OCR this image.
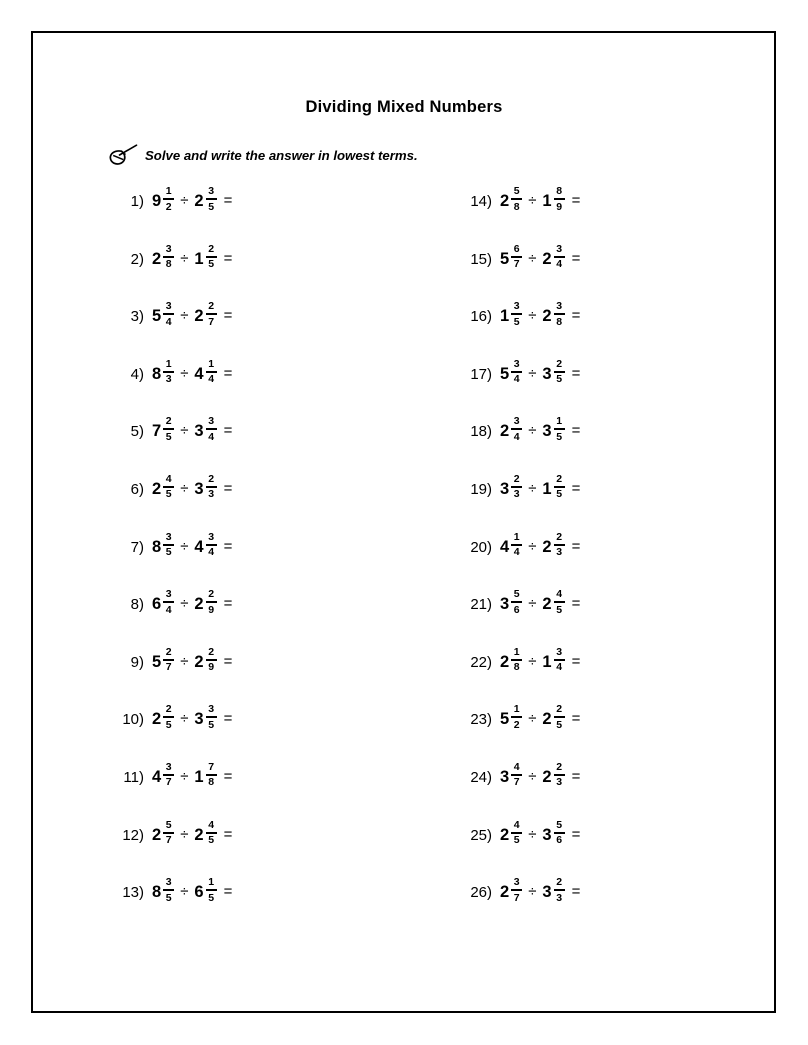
Dividing Mixed Numbers
Solve and write the answer in lowest terms.
1) $9 \frac{1}{2} \div 2 \frac{3}{5}$ =
2) $2 \frac{3}{8} \div 1 \frac{2}{5}$ =
3) $5 \frac{3}{4} \div 2 \frac{2}{7}$ =
4) $8 \frac{1}{3} \div 4 \frac{1}{4}$ =
5) $7 \frac{2}{5} \div 3 \frac{3}{4}$ =
6) $2 \frac{4}{5} \div 3 \frac{2}{3}$ =
7) $8 \frac{3}{5} \div 4 \frac{3}{4}$ =
8) $6 \frac{3}{4} \div 2 \frac{2}{9}$ =
9) $5 \frac{2}{7} \div 2 \frac{2}{9}$ =
10) $2 \frac{2}{5} \div 3 \frac{3}{5}$ =
11) $4 \frac{3}{7} \div 1 \frac{7}{8}$ =
12) $2 \frac{5}{7} \div 2 \frac{4}{5}$ =
13) $8 \frac{3}{5} \div 6 \frac{1}{5}$ =
14) $2 \frac{5}{8} \div 1 \frac{8}{9}$ =
15) $5 \frac{6}{7} \div 2 \frac{3}{4}$ =
16) $1 \frac{3}{5} \div 2 \frac{3}{8}$ =
17) $5 \frac{3}{4} \div 3 \frac{2}{5}$ =
18) $2 \frac{3}{4} \div 3 \frac{1}{5}$ =
19) $3 \frac{2}{3} \div 1 \frac{2}{5}$ =
20) $4 \frac{1}{4} \div 2 \frac{2}{3}$ =
21) $3 \frac{5}{6} \div 2 \frac{4}{5}$ =
22) $2 \frac{1}{8} \div 1 \frac{3}{4}$ =
23) $5 \frac{1}{2} \div 2 \frac{2}{5}$ =
24) $3 \frac{4}{7} \div 2 \frac{2}{3}$ =
25) $2 \frac{4}{5} \div 3 \frac{5}{6}$ =
26) $2 \frac{3}{7} \div 3 \frac{2}{3}$ =
